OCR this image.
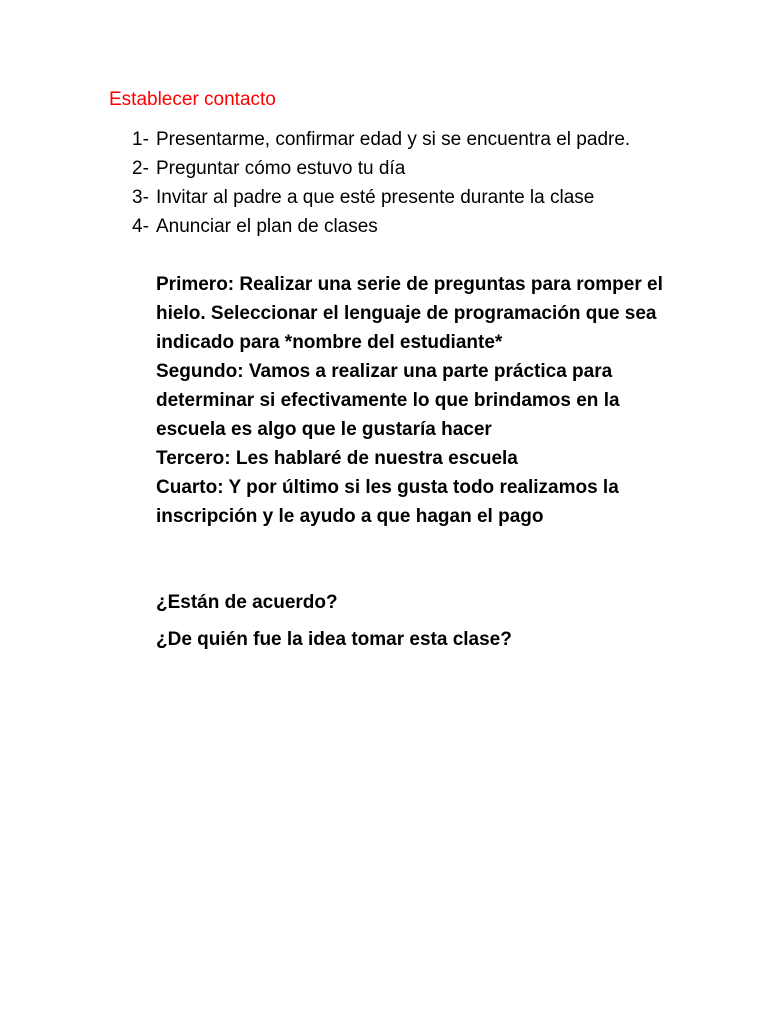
Establecer contacto
1- Presentarme, confirmar edad y si se encuentra el padre.
2- Preguntar cómo estuvo tu día
3- Invitar al padre a que esté presente durante la clase
4- Anunciar el plan de clases

Primero: Realizar una serie de preguntas para romper el hielo. Seleccionar el lenguaje de programación que sea indicado para *nombre del estudiante*

Segundo: Vamos a realizar una parte práctica para determinar si efectivamente lo que brindamos en la escuela es algo que le gustaría hacer

Tercero: Les hablaré de nuestra escuela

Cuarto: Y por último si les gusta todo realizamos la inscripción y le ayudo a que hagan el pago

¿Están de acuerdo?

¿De quién fue la idea tomar esta clase?
